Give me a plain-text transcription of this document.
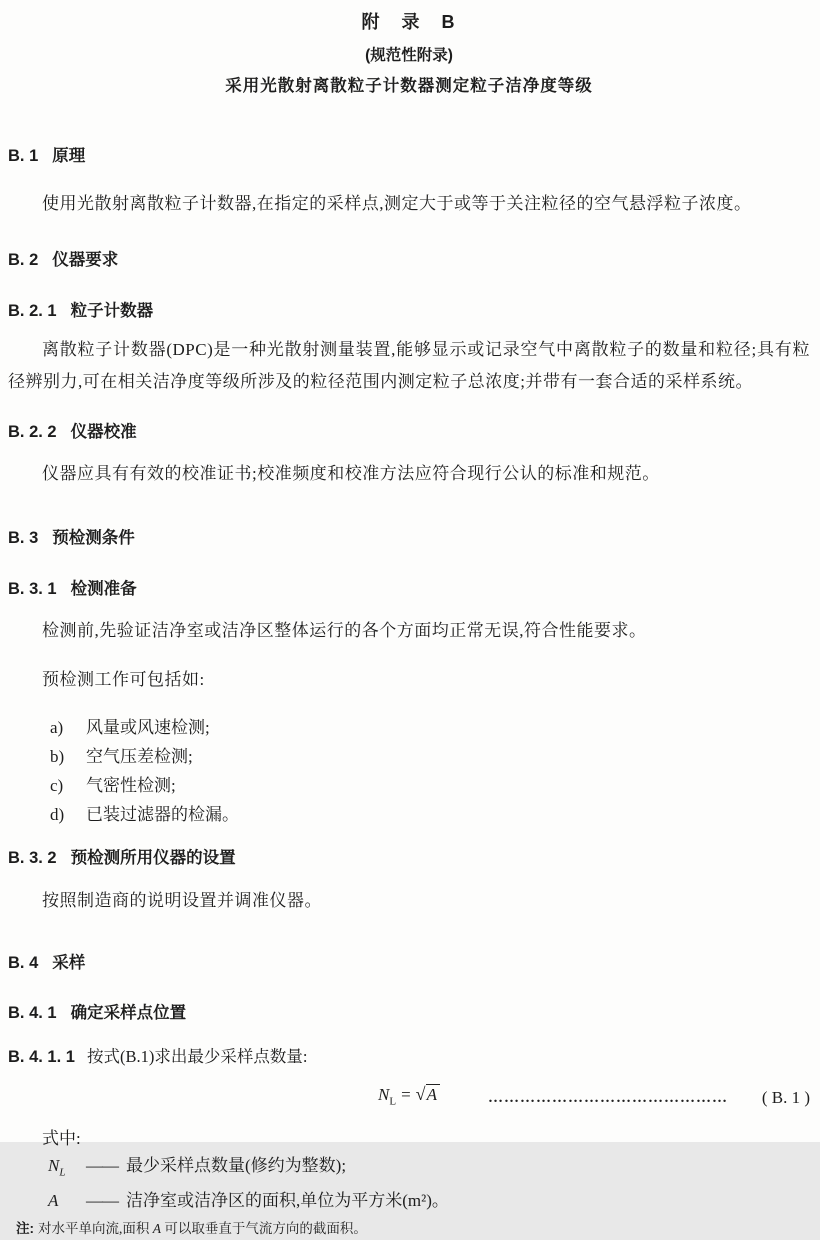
附　录　B
(规范性附录)
采用光散射离散粒子计数器测定粒子洁净度等级
B. 1 原理

使用光散射离散粒子计数器,在指定的采样点,测定大于或等于关注粒径的空气悬浮粒子浓度。

B. 2 仪器要求
B. 2. 1 粒子计数器

离散粒子计数器(DPC)是一种光散射测量装置,能够显示或记录空气中离散粒子的数量和粒径;具有粒径辨别力,可在相关洁净度等级所涉及的粒径范围内测定粒子总浓度;并带有一套合适的采样系统。

B. 2. 2 仪器校准

仪器应具有有效的校准证书;校准频度和校准方法应符合现行公认的标准和规范。

B. 3 预检测条件
B. 3. 1 检测准备

检测前,先验证洁净室或洁净区整体运行的各个方面均正常无误,符合性能要求。

预检测工作可包括如:

a)	风量或风速检测;
b)	空气压差检测;
c)	气密性检测;
d)	已装过滤器的检漏。
B. 3. 2 预检测所用仪器的设置

按照制造商的说明设置并调准仪器。

B. 4 采样
B. 4. 1 确定采样点位置
B. 4. 1. 1 按式(B.1)求出最少采样点数量:
$N_L = √A$	………………………………………	( B. 1 )
式中:
$N_L$	—— 最少采样点数量(修约为整数);
A	—— 洁净室或洁净区的面积,单位为平方米(m²)。
注: 对水平单向流,面积 A 可以取垂直于气流方向的截面积。
